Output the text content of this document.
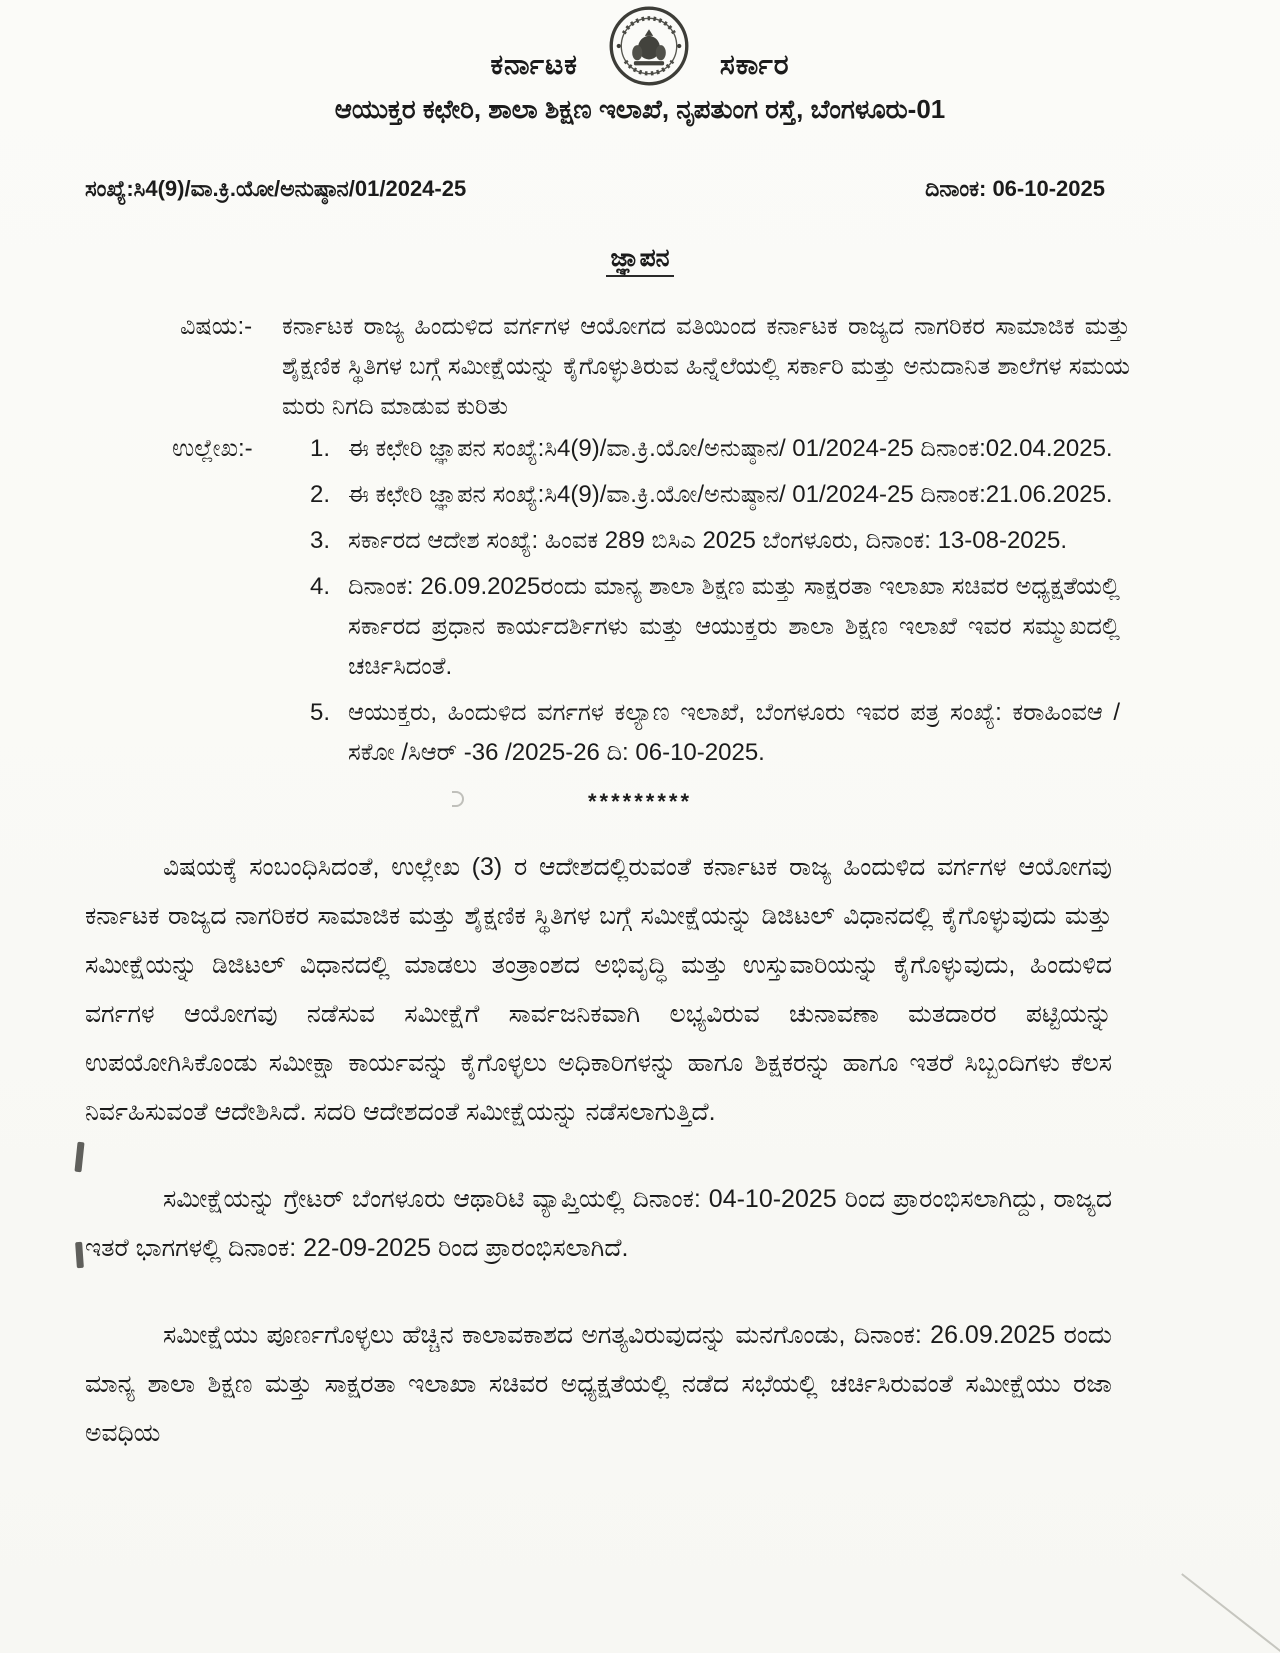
ಕರ್ನಾಟಕ	ಸರ್ಕಾರ
ಆಯುಕ್ತರ ಕಛೇರಿ, ಶಾಲಾ ಶಿಕ್ಷಣ ಇಲಾಖೆ, ನೃಪತುಂಗ ರಸ್ತೆ, ಬೆಂಗಳೂರು-01
ಸಂಖ್ಯೆ:ಸಿ4(9)/ವಾ.ಕ್ರಿ.ಯೋ/ಅನುಷ್ಠಾನ/01/2024-25	ದಿನಾಂಕ: 06-10-2025
ಜ್ಞಾಪನ
ವಿಷಯ:-	ಕರ್ನಾಟಕ ರಾಜ್ಯ ಹಿಂದುಳಿದ ವರ್ಗಗಳ ಆಯೋಗದ ವತಿಯಿಂದ ಕರ್ನಾಟಕ ರಾಜ್ಯದ ನಾಗರಿಕರ ಸಾಮಾಜಿಕ ಮತ್ತು ಶೈಕ್ಷಣಿಕ ಸ್ಥಿತಿಗಳ ಬಗ್ಗೆ ಸಮೀಕ್ಷೆಯನ್ನು ಕೈಗೊಳ್ಳುತಿರುವ ಹಿನ್ನೆಲೆಯಲ್ಲಿ ಸರ್ಕಾರಿ ಮತ್ತು ಅನುದಾನಿತ ಶಾಲೆಗಳ ಸಮಯ ಮರು ನಿಗದಿ ಮಾಡುವ ಕುರಿತು
ಉಲ್ಲೇಖ:-	1. ಈ ಕಛೇರಿ ಜ್ಞಾಪನ ಸಂಖ್ಯೆ:ಸಿ4(9)/ವಾ.ಕ್ರಿ.ಯೋ/ಅನುಷ್ಠಾನ/ 01/2024-25 ದಿನಾಂಕ:02.04.2025.
2. ಈ ಕಛೇರಿ ಜ್ಞಾಪನ ಸಂಖ್ಯೆ:ಸಿ4(9)/ವಾ.ಕ್ರಿ.ಯೋ/ಅನುಷ್ಠಾನ/ 01/2024-25 ದಿನಾಂಕ:21.06.2025.
3. ಸರ್ಕಾರದ ಆದೇಶ ಸಂಖ್ಯೆ: ಹಿಂವಕ 289 ಬಿಸಿಎ 2025 ಬೆಂಗಳೂರು, ದಿನಾಂಕ: 13-08-2025.
4. ದಿನಾಂಕ: 26.09.2025ರಂದು ಮಾನ್ಯ ಶಾಲಾ ಶಿಕ್ಷಣ ಮತ್ತು ಸಾಕ್ಷರತಾ ಇಲಾಖಾ ಸಚಿವರ ಅಧ್ಯಕ್ಷತೆಯಲ್ಲಿ ಸರ್ಕಾರದ ಪ್ರಧಾನ ಕಾರ್ಯದರ್ಶಿಗಳು ಮತ್ತು ಆಯುಕ್ತರು ಶಾಲಾ ಶಿಕ್ಷಣ ಇಲಾಖೆ ಇವರ ಸಮ್ಮುಖದಲ್ಲಿ ಚರ್ಚಿಸಿದಂತೆ.
5. ಆಯುಕ್ತರು, ಹಿಂದುಳಿದ ವರ್ಗಗಳ ಕಲ್ಯಾಣ ಇಲಾಖೆ, ಬೆಂಗಳೂರು ಇವರ ಪತ್ರ ಸಂಖ್ಯೆ: ಕರಾಹಿಂವಆ /ಸಕೋ /ಸಿಆರ್ -36 /2025-26 ದಿ: 06-10-2025.
*********

ವಿಷಯಕ್ಕೆ ಸಂಬಂಧಿಸಿದಂತೆ, ಉಲ್ಲೇಖ (3) ರ ಆದೇಶದಲ್ಲಿರುವಂತೆ ಕರ್ನಾಟಕ ರಾಜ್ಯ ಹಿಂದುಳಿದ ವರ್ಗಗಳ ಆಯೋಗವು ಕರ್ನಾಟಕ ರಾಜ್ಯದ ನಾಗರಿಕರ ಸಾಮಾಜಿಕ ಮತ್ತು ಶೈಕ್ಷಣಿಕ ಸ್ಥಿತಿಗಳ ಬಗ್ಗೆ ಸಮೀಕ್ಷೆಯನ್ನು ಡಿಜಿಟಲ್ ವಿಧಾನದಲ್ಲಿ ಕೈಗೊಳ್ಳುವುದು ಮತ್ತು ಸಮೀಕ್ಷೆಯನ್ನು ಡಿಜಿಟಲ್ ವಿಧಾನದಲ್ಲಿ ಮಾಡಲು ತಂತ್ರಾಂಶದ ಅಭಿವೃದ್ಧಿ ಮತ್ತು ಉಸ್ತುವಾರಿಯನ್ನು ಕೈಗೊಳ್ಳುವುದು, ಹಿಂದುಳಿದ ವರ್ಗಗಳ ಆಯೋಗವು ನಡೆಸುವ ಸಮೀಕ್ಷೆಗೆ ಸಾರ್ವಜನಿಕವಾಗಿ ಲಭ್ಯವಿರುವ ಚುನಾವಣಾ ಮತದಾರರ ಪಟ್ಟಿಯನ್ನು ಉಪಯೋಗಿಸಿಕೊಂಡು ಸಮೀಕ್ಷಾ ಕಾರ್ಯವನ್ನು ಕೈಗೊಳ್ಳಲು ಅಧಿಕಾರಿಗಳನ್ನು ಹಾಗೂ ಶಿಕ್ಷಕರನ್ನು ಹಾಗೂ ಇತರೆ ಸಿಬ್ಬಂದಿಗಳು ಕೆಲಸ ನಿರ್ವಹಿಸುವಂತೆ ಆದೇಶಿಸಿದೆ. ಸದರಿ ಆದೇಶದಂತೆ ಸಮೀಕ್ಷೆಯನ್ನು ನಡೆಸಲಾಗುತ್ತಿದೆ.

ಸಮೀಕ್ಷೆಯನ್ನು ಗ್ರೇಟರ್ ಬೆಂಗಳೂರು ಆಥಾರಿಟಿ ವ್ಯಾಪ್ತಿಯಲ್ಲಿ ದಿನಾಂಕ: 04-10-2025 ರಿಂದ ಪ್ರಾರಂಭಿಸಲಾಗಿದ್ದು, ರಾಜ್ಯದ ಇತರೆ ಭಾಗಗಳಲ್ಲಿ ದಿನಾಂಕ: 22-09-2025 ರಿಂದ ಪ್ರಾರಂಭಿಸಲಾಗಿದೆ.

ಸಮೀಕ್ಷೆಯು ಪೂರ್ಣಗೊಳ್ಳಲು ಹೆಚ್ಚಿನ ಕಾಲಾವಕಾಶದ ಅಗತ್ಯವಿರುವುದನ್ನು ಮನಗೊಂಡು, ದಿನಾಂಕ: 26.09.2025 ರಂದು ಮಾನ್ಯ ಶಾಲಾ ಶಿಕ್ಷಣ ಮತ್ತು ಸಾಕ್ಷರತಾ ಇಲಾಖಾ ಸಚಿವರ ಅಧ್ಯಕ್ಷತೆಯಲ್ಲಿ ನಡೆದ ಸಭೆಯಲ್ಲಿ ಚರ್ಚಿಸಿರುವಂತೆ ಸಮೀಕ್ಷೆಯು ರಜಾ ಅವಧಿಯ
